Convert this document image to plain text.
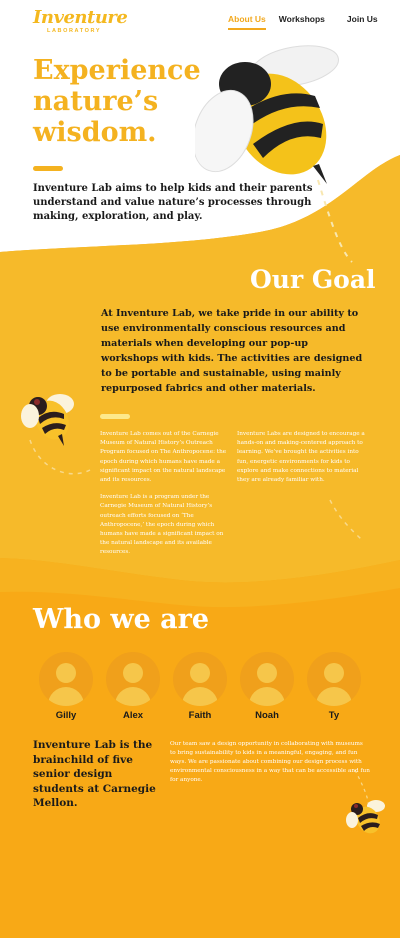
Inventure
LABORATORY
About Us Workshops	Join Us
Experience
nature’s
wisdom.

Inventure Lab aims to help kids and their parents understand and value nature’s processes through making, exploration, and play.

Our Goal

At Inventure Lab, we take pride in our ability to use environmentally conscious resources and materials when developing our pop-up workshops with kids. The activities are designed to be portable and sustainable, using mainly repurposed fabrics and other materials.

Inventure Lab comes out of the Carnegie Museum of Natural History’s Outreach Program focused on The Anthropocene: the epoch during which humans have made a significant impact on the natural landscape and its resources.

Inventure Lab is a program under the Carnegie Museum of Natural History’s outreach efforts focused on ‘The Anthropocene,’ the epoch during which humans have made a significant impact on the natural landscape and its available resources.

Inventure Labs are designed to encourage a hands-on and making-centered approach to learning. We’ve brought the activities into fun, energetic environments for kids to explore and make connections to material they are already familiar with.

Who we are
Gilly	Alex	Faith	Noah	Ty

Inventure Lab is the brainchild of five senior design students at Carnegie Mellon.

Our team saw a design opportunity in collaborating with museums to bring sustainability to kids in a meaningful, engaging, and fun ways. We are passionate about combining our design process with environmental consciousness in a way that can be accessible and fun for anyone.
